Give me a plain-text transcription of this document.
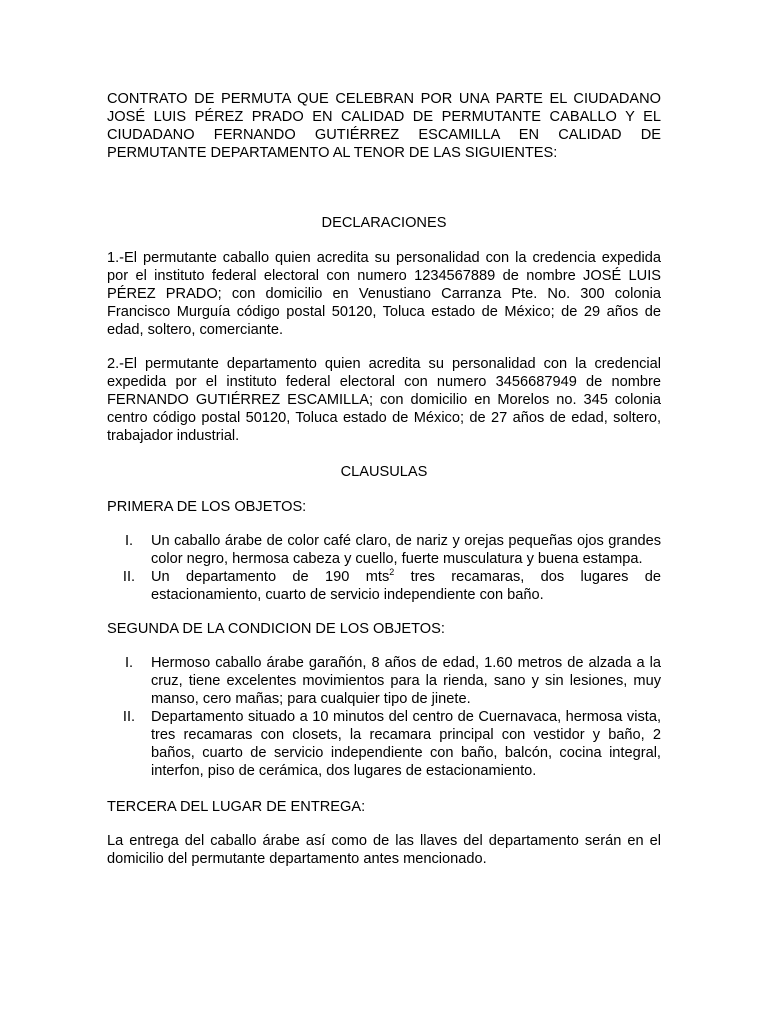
CONTRATO DE PERMUTA QUE CELEBRAN POR UNA PARTE EL CIUDADANO JOSÉ LUIS PÉREZ PRADO EN CALIDAD DE PERMUTANTE CABALLO Y EL CIUDADANO FERNANDO GUTIÉRREZ ESCAMILLA EN CALIDAD DE PERMUTANTE DEPARTAMENTO AL TENOR DE LAS SIGUIENTES:

DECLARACIONES

1.-El permutante caballo quien acredita su personalidad con la credencia expedida por el instituto federal electoral con numero 1234567889 de nombre JOSÉ LUIS PÉREZ PRADO; con domicilio en Venustiano Carranza Pte. No. 300 colonia Francisco Murguía código postal 50120, Toluca estado de México; de 29 años de edad, soltero, comerciante.

2.-El permutante departamento quien acredita su personalidad con la credencial expedida por el instituto federal electoral con numero 3456687949 de nombre FERNANDO GUTIÉRREZ ESCAMILLA; con domicilio en Morelos no. 345 colonia centro código postal 50120, Toluca estado de México; de 27 años de edad, soltero, trabajador industrial.

CLAUSULAS

PRIMERA DE LOS OBJETOS:

I.	Un caballo árabe de color café claro, de nariz y orejas pequeñas ojos grandes color negro, hermosa cabeza y cuello, fuerte musculatura y buena estampa.
II.	Un departamento de 190 mts$^2$ tres recamaras, dos lugares de estacionamiento, cuarto de servicio independiente con baño.

SEGUNDA DE LA CONDICION DE LOS OBJETOS:

I.	Hermoso caballo árabe garañón, 8 años de edad, 1.60 metros de alzada a la cruz, tiene excelentes movimientos para la rienda, sano y sin lesiones, muy manso, cero mañas; para cualquier tipo de jinete.
II.	Departamento situado a 10 minutos del centro de Cuernavaca, hermosa vista, tres recamaras con closets, la recamara principal con vestidor y baño, 2 baños, cuarto de servicio independiente con baño, balcón, cocina integral, interfon, piso de cerámica, dos lugares de estacionamiento.

TERCERA DEL LUGAR DE ENTREGA:

La entrega del caballo árabe así como de las llaves del departamento serán en el domicilio del permutante departamento antes mencionado.
